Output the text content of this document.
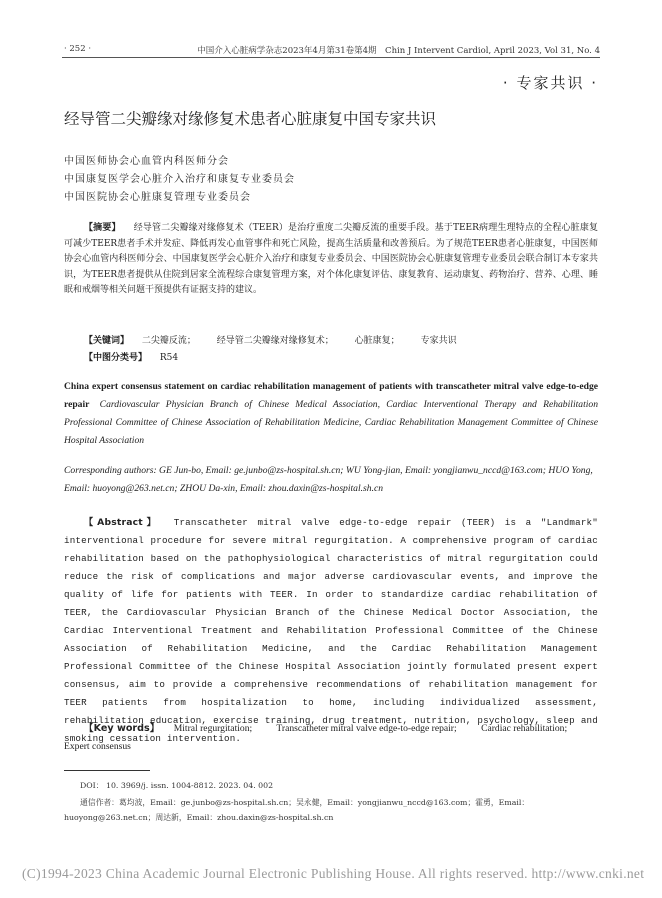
· 252 ·	中国介入心脏病学杂志2023年4月第31卷第4期　Chin J Intervent Cardiol, April 2023, Vol 31, No. 4
· 专家共识 ·
经导管二尖瓣缘对缘修复术患者心脏康复中国专家共识
中国医师协会心血管内科医师分会
中国康复医学会心脏介入治疗和康复专业委员会
中国医院协会心脏康复管理专业委员会
【摘要】 经导管二尖瓣缘对缘修复术（TEER）是治疗重度二尖瓣反流的重要手段。基于TEER病理生理特点的全程心脏康复可减少TEER患者手术并发症、降低再发心血管事件和死亡风险，提高生活质量和改善预后。为了规范TEER患者心脏康复，中国医师协会心血管内科医师分会、中国康复医学会心脏介入治疗和康复专业委员会、中国医院协会心脏康复管理专业委员会联合制订本专家共识，为TEER患者提供从住院到居家全流程综合康复管理方案，对个体化康复评估、康复教育、运动康复、药物治疗、营养、心理、睡眠和戒烟等相关问题干预提供有证据支持的建议。
【关键词】 二尖瓣反流； 经导管二尖瓣缘对缘修复术； 心脏康复； 专家共识
【中图分类号】 R54
China expert consensus statement on cardiac rehabilitation management of patients with transcatheter mitral valve edge-to-edge repair Cardiovascular Physician Branch of Chinese Medical Association, Cardiac Interventional Therapy and Rehabilitation Professional Committee of Chinese Association of Rehabilitation Medicine, Cardiac Rehabilitation Management Committee of Chinese Hospital Association
Corresponding authors: GE Jun-bo, Email: ge.junbo@zs-hospital.sh.cn; WU Yong-jian, Email: yongjianwu_nccd@163.com; HUO Yong, Email: huoyong@263.net.cn; ZHOU Da-xin, Email: zhou.daxin@zs-hospital.sh.cn
【Abstract】 Transcatheter mitral valve edge-to-edge repair (TEER) is a "Landmark" interventional procedure for severe mitral regurgitation. A comprehensive program of cardiac rehabilitation based on the pathophysiological characteristics of mitral regurgitation could reduce the risk of complications and major adverse cardiovascular events, and improve the quality of life for patients with TEER. In order to standardize cardiac rehabilitation of TEER, the Cardiovascular Physician Branch of the Chinese Medical Doctor Association, the Cardiac Interventional Treatment and Rehabilitation Professional Committee of the Chinese Association of Rehabilitation Medicine, and the Cardiac Rehabilitation Management Professional Committee of the Chinese Hospital Association jointly formulated present expert consensus, aim to provide a comprehensive recommendations of rehabilitation management for TEER patients from hospitalization to home, including individualized assessment, rehabilitation education, exercise training, drug treatment, nutrition, psychology, sleep and smoking cessation intervention.
【Key words】 Mitral regurgitation;	Transcatheter mitral valve edge-to-edge repair;	Cardiac rehabilitation; Expert consensus
DOI： 10. 3969/j. issn. 1004-8812. 2023. 04. 002
通信作者：葛均波，Email：ge.junbo@zs-hospital.sh.cn；吴永健，Email：yongjianwu_nccd@163.com；霍勇，Email：huoyong@263.net.cn；周达新，Email：zhou.daxin@zs-hospital.sh.cn
(C)1994-2023 China Academic Journal Electronic Publishing House. All rights reserved. http://www.cnki.net
